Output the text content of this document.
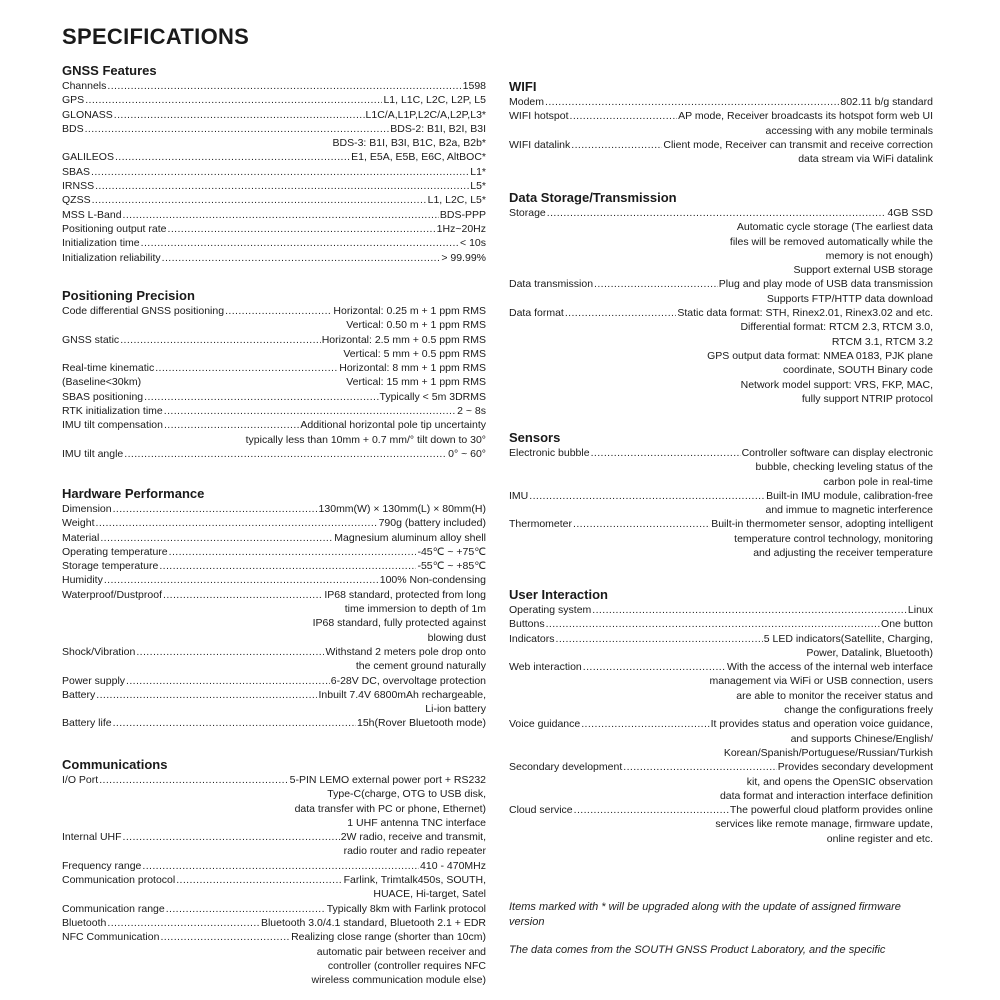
SPECIFICATIONS
GNSS Features
Channels .....	1598
GPS .....	L1, L1C, L2C, L2P, L5
GLONASS .....	L1C/A,L1P,L2C/A,L2P,L3*
BDS .....	BDS-2: B1I, B2I, B3I
BDS-3: B1I, B3I, B1C, B2a, B2b*
GALILEOS .....	E1, E5A, E5B, E6C, AltBOC*
SBAS .....	L1*
IRNSS .....	L5*
QZSS .....	L1, L2C, L5*
MSS L-Band .....	BDS-PPP
Positioning output rate .....	1Hz~20Hz
Initialization time .....	< 10s
Initialization reliability .....	> 99.99%
Positioning Precision
Code differential GNSS positioning .....	Horizontal: 0.25 m + 1 ppm RMS
Vertical: 0.50 m + 1 ppm RMS
GNSS static .....	Horizontal: 2.5 mm + 0.5 ppm RMS
Vertical: 5 mm + 0.5 ppm RMS
Real-time kinematic .....	Horizontal: 8 mm + 1 ppm RMS
(Baseline<30km)	Vertical: 15 mm + 1 ppm RMS
SBAS positioning .....	Typically < 5m 3DRMS
RTK initialization time .....	2 ~ 8s
IMU tilt compensation .....	Additional horizontal pole tip uncertainty
typically less than 10mm + 0.7 mm/° tilt down to 30°
IMU tilt angle .....	0° ~ 60°
Hardware Performance
Dimension .....	130mm(W) × 130mm(L) × 80mm(H)
Weight .....	790g (battery included)
Material .....	Magnesium aluminum alloy shell
Operating temperature .....	-45℃ ~ +75℃
Storage temperature .....	-55℃ ~ +85℃
Humidity .....	100% Non-condensing
Waterproof/Dustproof .....	IP68 standard, protected from long
time immersion to depth of 1m
IP68 standard, fully protected against
blowing dust
Shock/Vibration .....	Withstand 2 meters pole drop onto
the cement ground naturally
Power supply .....	6-28V DC, overvoltage protection
Battery .....	Inbuilt 7.4V 6800mAh rechargeable,
Li-ion battery
Battery life .....	15h(Rover Bluetooth mode)
Communications
I/O Port .....	5-PIN LEMO external power port + RS232
Type-C(charge, OTG to USB disk,
data transfer with PC or phone, Ethernet)
1 UHF antenna TNC interface
Internal UHF .....	2W radio, receive and transmit,
radio router and radio repeater
Frequency range .....	410 - 470MHz
Communication protocol .....	Farlink, Trimtalk450s, SOUTH,
HUACE, Hi-target, Satel
Communication range .....	Typically 8km with Farlink protocol
Bluetooth .....	Bluetooth 3.0/4.1 standard, Bluetooth 2.1 + EDR
NFC Communication .....	Realizing close range (shorter than 10cm)
automatic pair between receiver and
controller (controller requires NFC
wireless communication module else)
WIFI
Modem .....	802.11 b/g standard
WIFI hotspot .....	AP mode, Receiver broadcasts its hotspot form web UI
accessing with any mobile terminals
WIFI datalink .....	Client mode, Receiver can transmit and receive correction
data stream via WiFi datalink
Data Storage/Transmission
Storage .....	4GB SSD
Automatic cycle storage (The earliest data
files will be removed automatically while the
memory is not enough)
Support external USB storage
Data transmission .....	Plug and play mode of USB data transmission
Supports FTP/HTTP data download
Data format .....	Static data format: STH, Rinex2.01, Rinex3.02 and etc.
Differential format: RTCM 2.3, RTCM 3.0,
RTCM 3.1, RTCM 3.2
GPS output data format: NMEA 0183, PJK plane
coordinate, SOUTH Binary code
Network model support: VRS, FKP, MAC,
fully support NTRIP protocol
Sensors
Electronic bubble .....	Controller software can display electronic
bubble, checking leveling status of the
carbon pole in real-time
IMU .....	Built-in IMU module, calibration-free
and immue to magnetic interference
Thermometer .....	Built-in thermometer sensor, adopting intelligent
temperature control technology, monitoring
and adjusting the receiver temperature
User Interaction
Operating system .....	Linux
Buttons .....	One button
Indicators .....	5 LED indicators(Satellite, Charging,
Power, Datalink, Bluetooth)
Web interaction .....	With the access of the internal web interface
management via WiFi or USB connection, users
are able to monitor the receiver status and
change the configurations freely
Voice guidance .....	It provides status and operation voice guidance,
and supports Chinese/English/
Korean/Spanish/Portuguese/Russian/Turkish
Secondary development .....	Provides secondary development
kit, and opens the OpenSIC observation
data format and interaction interface definition
Cloud service .....	The powerful cloud platform provides online
services like remote manage, firmware update,
online register and etc.
Items marked with * will be upgraded along with the update of assigned firmware version
The data comes from the SOUTH GNSS Product Laboratory, and the specific
